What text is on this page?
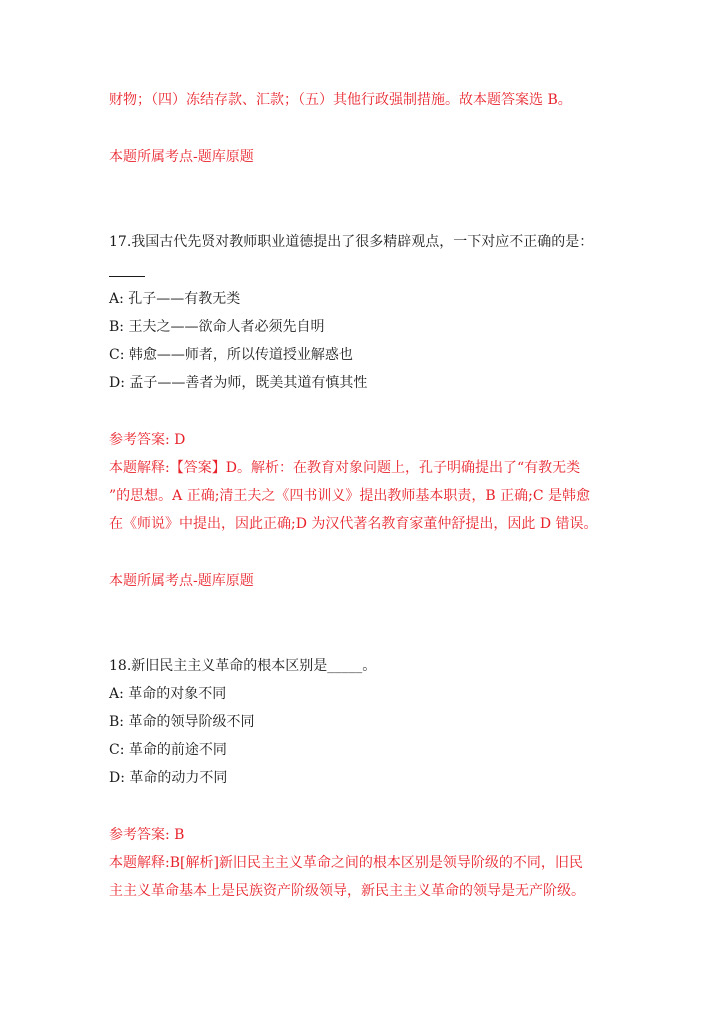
财物；（四）冻结存款、汇款；（五）其他行政强制措施。故本题答案选 B。
本题所属考点-题库原题
17.我国古代先贤对教师职业道德提出了很多精辟观点，一下对应不正确的是：
A: 孔子——有教无类
B: 王夫之——欲命人者必须先自明
C: 韩愈——师者，所以传道授业解惑也
D: 孟子——善者为师，既美其道有慎其性
参考答案: D
本题解释:【答案】D。解析：在教育对象问题上，孔子明确提出了“有教无类
”的思想。A 正确;清王夫之《四书训义》提出教师基本职责，B 正确;C 是韩愈
在《师说》中提出，因此正确;D 为汉代著名教育家董仲舒提出，因此 D 错误。
本题所属考点-题库原题
18.新旧民主主义革命的根本区别是_____。
A: 革命的对象不同
B: 革命的领导阶级不同
C: 革命的前途不同
D: 革命的动力不同
参考答案: B
本题解释:B[解析]新旧民主主义革命之间的根本区别是领导阶级的不同，旧民
主主义革命基本上是民族资产阶级领导，新民主主义革命的领导是无产阶级。
